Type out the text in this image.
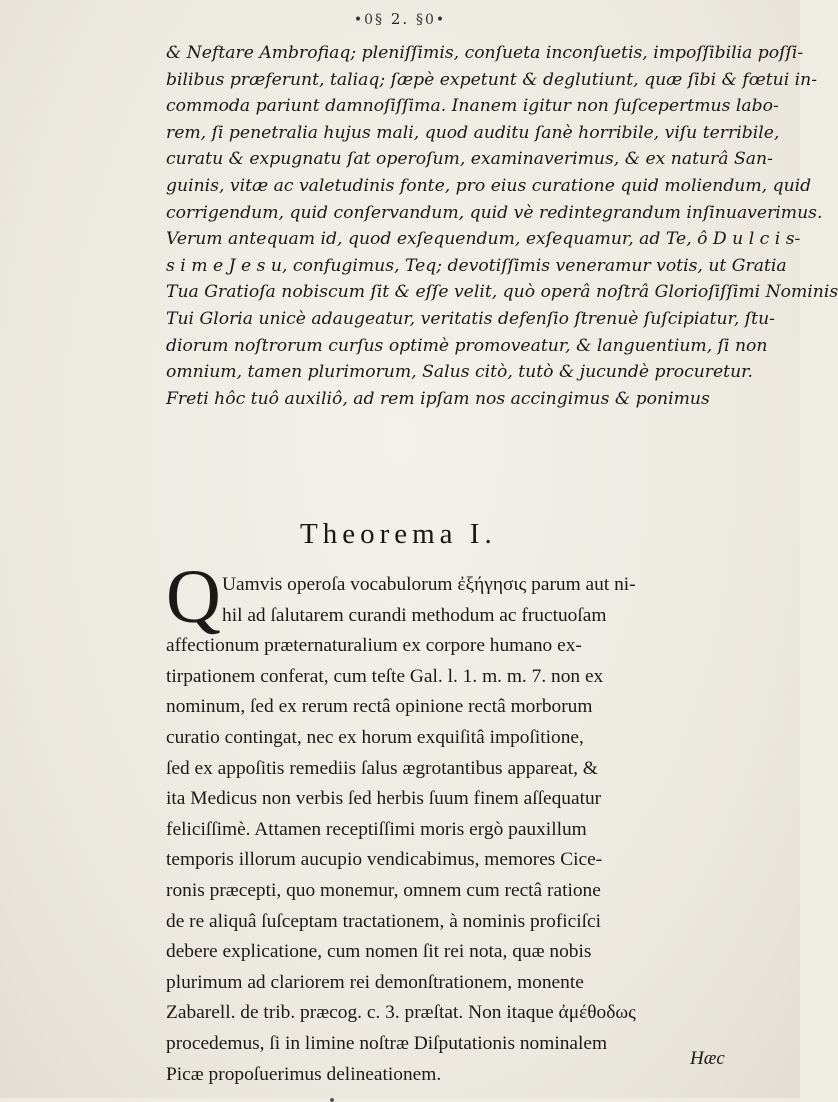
•0§ 2. §0•
& Neftare Ambrofiaq; pleniſſimis, conſueta inconſuetis, impoſſibilia poſſi-
bilibus præferunt, taliaq; ſæpè expetunt & deglutiunt, quæ ſibi & fœtui in-
commoda pariunt damnoſiſſima. Inanem igitur non ſuſcepertmus labo-
rem, ſi penetralia hujus mali, quod auditu ſanè horribile, viſu terribile,
curatu & expugnatu ſat operoſum, examinaverimus, & ex naturâ San-
guinis, vitæ ac valetudinis fonte, pro eius curatione quid moliendum, quid
corrigendum, quid conſervandum, quid vè redintegrandum inſinuaverimus.
Verum antequam id, quod exſequendum, exſequamur, ad Te, ô D u l c i s-
s i m e J e s u, confugimus, Teq; devotiſſimis veneramur votis, ut Gratia
Tua Gratioſa nobiscum ſit & eſſe velit, quò operâ noſtrâ Glorioſiſſimi Nominis
Tui Gloria unicè adaugeatur, veritatis defenſio ſtrenuè ſuſcipiatur, ſtu-
diorum noſtrorum curſus optimè promoveatur, & languentium, ſi non
omnium, tamen plurimorum, Salus citò, tutò & jucundè procuretur.
Freti hôc tuô auxiliô, ad rem ipſam nos accingimus & ponimus
Theorema I.
Q Uamvis operoſa vocabulorum ἐξήγησις parum aut ni-
hil ad ſalutarem curandi methodum ac fructuoſam
affectionum præternaturalium ex corpore humano ex-
tirpationem conferat, cum teſte Gal. l. 1. m. m. 7. non ex
nominum, ſed ex rerum rectâ opinione rectâ morborum
curatio contingat, nec ex horum exquiſitâ impoſitione,
ſed ex appoſitis remediis ſalus ægrotantibus appareat, &
ita Medicus non verbis ſed herbis ſuum finem aſſequatur
feliciſſimè. Attamen receptiſſimi moris ergò pauxillum
temporis illorum aucupio vendicabimus, memores Cice-
ronis præcepti, quo monemur, omnem cum rectâ ratione
de re aliquâ ſuſceptam tractationem, à nominis proficiſci
debere explicatione, cum nomen ſit rei nota, quæ nobis
plurimum ad clariorem rei demonſtrationem, monente
Zabarell. de trib. præcog. c. 3. præſtat. Non itaque ἀμέθοδως
procedemus, ſi in limine noſtræ Diſputationis nominalem
Picæ propoſuerimus delineationem.
Hæc
